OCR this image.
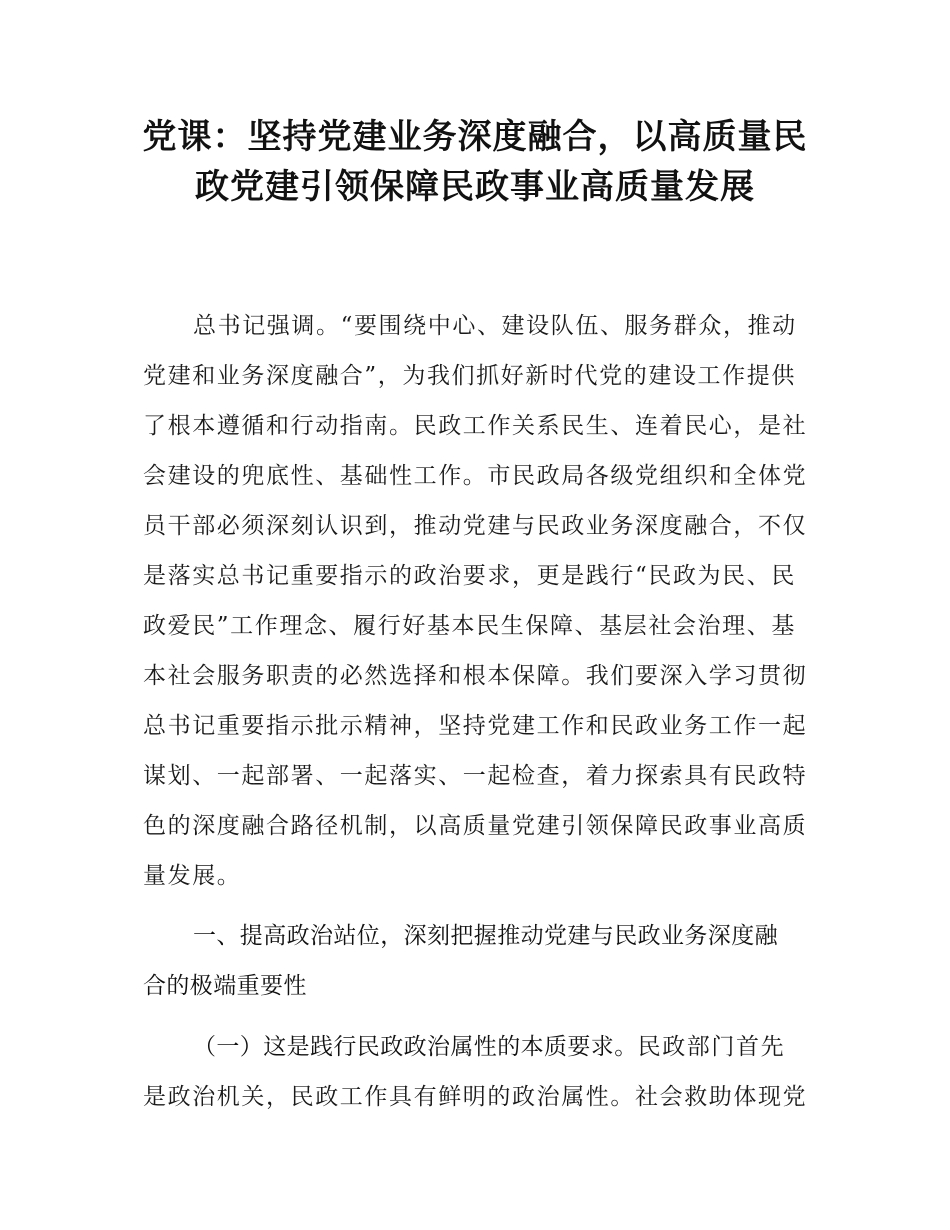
党课：坚持党建业务深度融合，以高质量民
政党建引领保障民政事业高质量发展
总书记强调。“要围绕中心、建设队伍、服务群众，推动
党建和业务深度融合”，为我们抓好新时代党的建设工作提供
了根本遵循和行动指南。民政工作关系民生、连着民心，是社
会建设的兜底性、基础性工作。市民政局各级党组织和全体党
员干部必须深刻认识到，推动党建与民政业务深度融合，不仅
是落实总书记重要指示的政治要求，更是践行“民政为民、民
政爱民”工作理念、履行好基本民生保障、基层社会治理、基
本社会服务职责的必然选择和根本保障。我们要深入学习贯彻
总书记重要指示批示精神，坚持党建工作和民政业务工作一起
谋划、一起部署、一起落实、一起检查，着力探索具有民政特
色的深度融合路径机制，以高质量党建引领保障民政事业高质
量发展。
一、提高政治站位，深刻把握推动党建与民政业务深度融
合的极端重要性
（一）这是践行民政政治属性的本质要求。民政部门首先
是政治机关，民政工作具有鲜明的政治属性。社会救助体现党
